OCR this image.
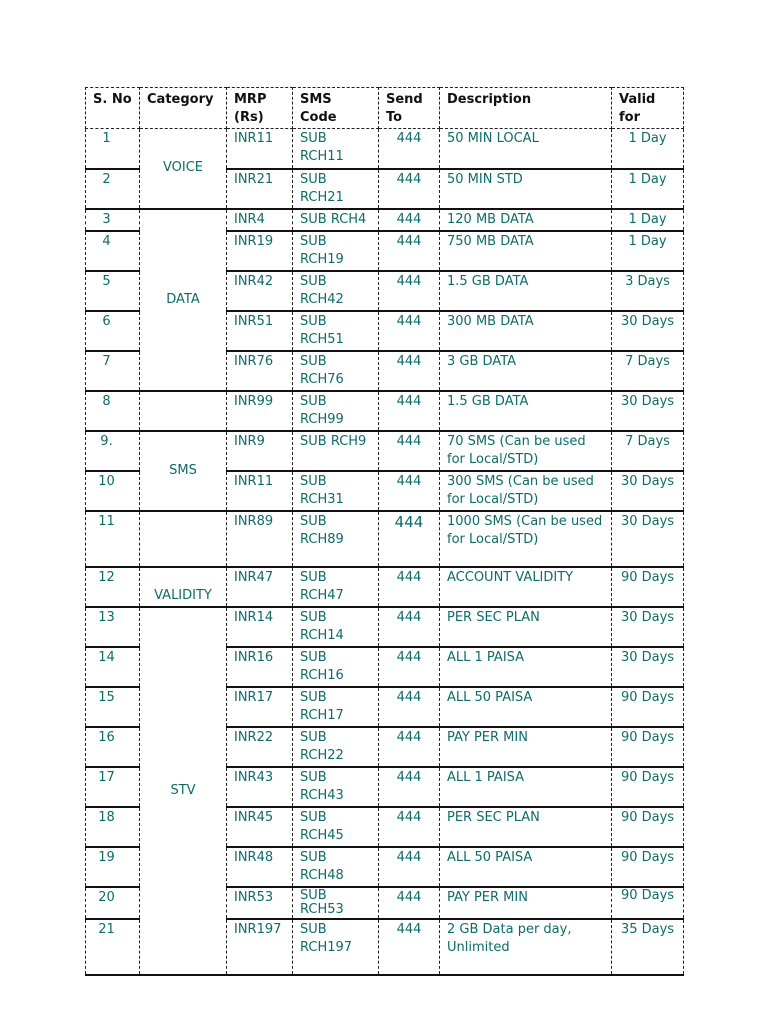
S. No	Category	MRP (Rs)	SMS Code	Send To	Description	Valid for
1	VOICE	INR11	SUB RCH11	444	50 MIN LOCAL	1 Day
2		INR21	SUB RCH21	444	50 MIN STD	1 Day
3	DATA	INR4	SUB RCH4	444	120 MB DATA	1 Day
4		INR19	SUB RCH19	444	750 MB DATA	1 Day
5		INR42	SUB RCH42	444	1.5 GB DATA	3 Days
6		INR51	SUB RCH51	444	300 MB DATA	30 Days
7		INR76	SUB RCH76	444	3 GB DATA	7 Days
8		INR99	SUB RCH99	444	1.5 GB DATA	30 Days
9.	SMS	INR9	SUB RCH9	444	70 SMS (Can be used for Local/STD)	7 Days
10		INR11	SUB RCH31	444	300 SMS (Can be used for Local/STD)	30 Days
11		INR89	SUB RCH89	444	1000 SMS (Can be used for Local/STD)	30 Days
12	VALIDITY	INR47	SUB RCH47	444	ACCOUNT VALIDITY	90 Days
13	STV	INR14	SUB RCH14	444	PER SEC PLAN	30 Days
14		INR16	SUB RCH16	444	ALL 1 PAISA	30 Days
15		INR17	SUB RCH17	444	ALL 50 PAISA	90 Days
16		INR22	SUB RCH22	444	PAY PER MIN	90 Days
17		INR43	SUB RCH43	444	ALL 1 PAISA	90 Days
18		INR45	SUB RCH45	444	PER SEC PLAN	90 Days
19		INR48	SUB RCH48	444	ALL 50 PAISA	90 Days
20		INR53	SUB RCH53	444	PAY PER MIN	90 Days
21		INR197	SUB RCH197	444	2 GB Data per day, Unlimited	35 Days
